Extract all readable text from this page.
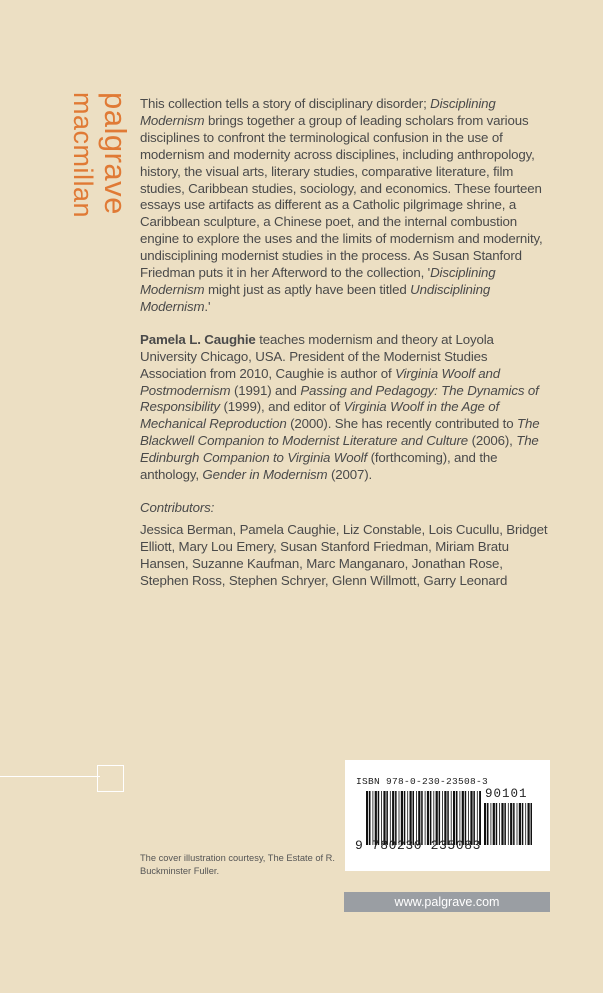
palgrave
macmillan	This collection tells a story of disciplinary disorder; Disciplining Modernism brings together a group of leading scholars from various disciplines to confront the terminological confusion in the use of modernism and modernity across disciplines, including anthropology, history, the visual arts, literary studies, comparative literature, film studies, Caribbean studies, sociology, and economics. These fourteen essays use artifacts as different as a Catholic pilgrimage shrine, a Caribbean sculpture, a Chinese poet, and the internal combustion engine to explore the uses and the limits of modernism and modernity, undisciplining modernist studies in the process. As Susan Stanford Friedman puts it in her Afterword to the collection, 'Disciplining Modernism might just as aptly have been titled Undisciplining Modernism.'

Pamela L. Caughie teaches modernism and theory at Loyola University Chicago, USA. President of the Modernist Studies Association from 2010, Caughie is author of Virginia Woolf and Postmodernism (1991) and Passing and Pedagogy: The Dynamics of Responsibility (1999), and editor of Virginia Woolf in the Age of Mechanical Reproduction (2000). She has recently contributed to The Blackwell Companion to Modernist Literature and Culture (2006), The Edinburgh Companion to Virginia Woolf (forthcoming), and the anthology, Gender in Modernism (2007).

Contributors:
Jessica Berman, Pamela Caughie, Liz Constable, Lois Cucullu, Bridget Elliott, Mary Lou Emery, Susan Stanford Friedman, Miriam Bratu Hansen, Suzanne Kaufman, Marc Manganaro, Jonathan Rose, Stephen Ross, Stephen Schryer, Glenn Willmott, Garry Leonard
The cover illustration courtesy, The Estate of R. Buckminster Fuller.
ISBN 978-0-230-23508-3
90101
9 780230 235083
www.palgrave.com
